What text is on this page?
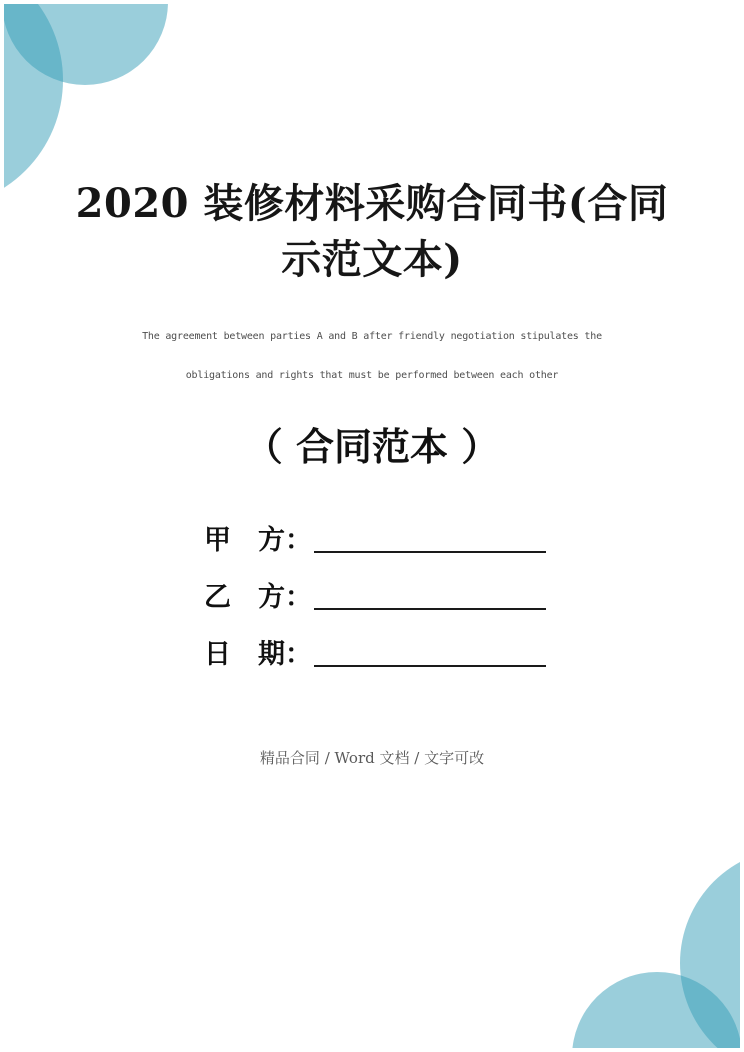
2020 装修材料采购合同书(合同
示范文本)
The agreement between parties A and B after friendly negotiation stipulates the
obligations and rights that must be performed between each other
（ 合同范本 ）
甲　方：
乙　方：
日　期：
精品合同 / Word 文档 / 文字可改
